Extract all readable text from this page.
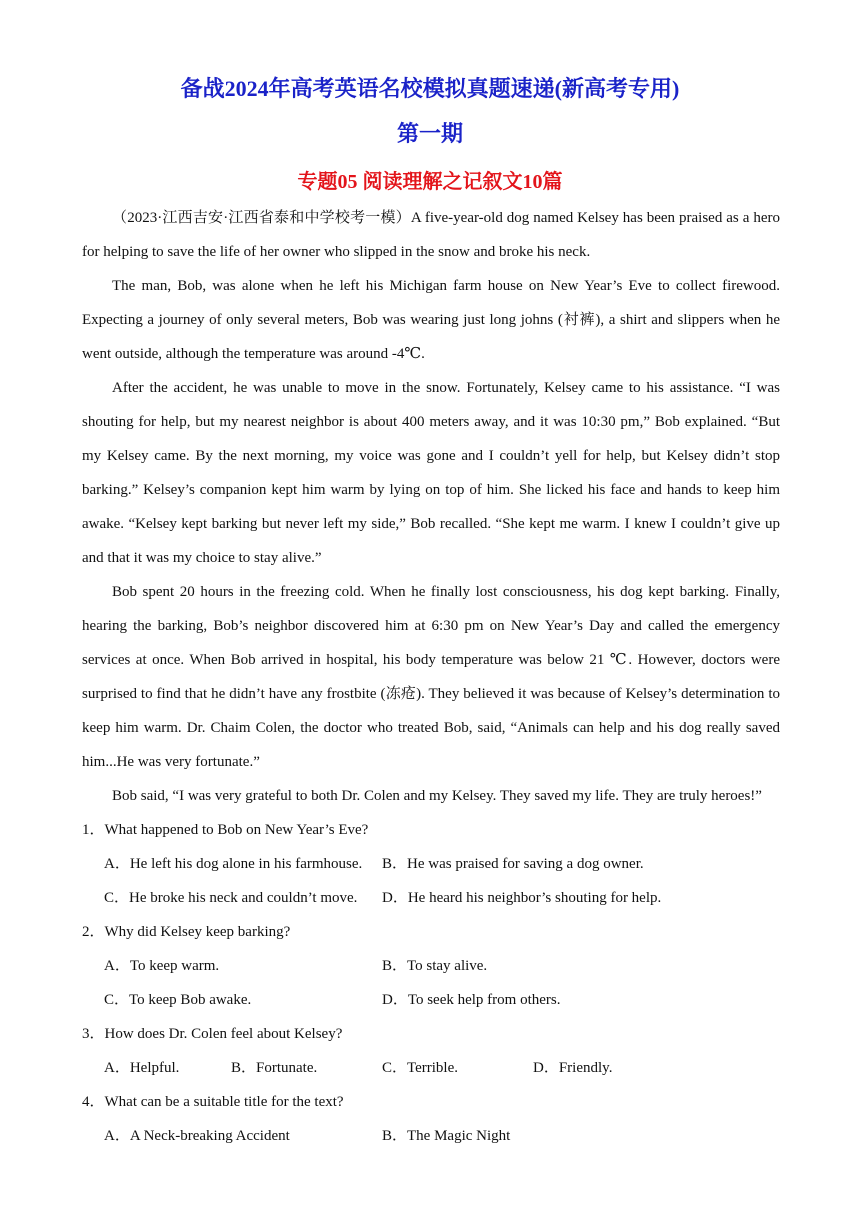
备战2024年高考英语名校模拟真题速递(新高考专用)
第一期
专题05 阅读理解之记叙文10篇

（2023·江西吉安·江西省泰和中学校考一模）A five-year-old dog named Kelsey has been praised as a hero for helping to save the life of her owner who slipped in the snow and broke his neck.

The man, Bob, was alone when he left his Michigan farm house on New Year’s Eve to collect firewood. Expecting a journey of only several meters, Bob was wearing just long johns (衬裤), a shirt and slippers when he went outside, although the temperature was around -4℃.

After the accident, he was unable to move in the snow. Fortunately, Kelsey came to his assistance. “I was shouting for help, but my nearest neighbor is about 400 meters away, and it was 10:30 pm,” Bob explained. “But my Kelsey came. By the next morning, my voice was gone and I couldn’t yell for help, but Kelsey didn’t stop barking.” Kelsey’s companion kept him warm by lying on top of him. She licked his face and hands to keep him awake. “Kelsey kept barking but never left my side,” Bob recalled. “She kept me warm. I knew I couldn’t give up and that it was my choice to stay alive.”

Bob spent 20 hours in the freezing cold. When he finally lost consciousness, his dog kept barking. Finally, hearing the barking, Bob’s neighbor discovered him at 6:30 pm on New Year’s Day and called the emergency services at once. When Bob arrived in hospital, his body temperature was below 21 ℃. However, doctors were surprised to find that he didn’t have any frostbite (冻疮). They believed it was because of Kelsey’s determination to keep him warm. Dr. Chaim Colen, the doctor who treated Bob, said, “Animals can help and his dog really saved him...He was very fortunate.”

Bob said, “I was very grateful to both Dr. Colen and my Kelsey. They saved my life. They are truly heroes!”

1．What happened to Bob on New Year’s Eve?

A．He left his dog alone in his farmhouse. B．He was praised for saving a dog owner.
C．He broke his neck and couldn’t move. D．He heard his neighbor’s shouting for help.

2．Why did Kelsey keep barking?

A．To keep warm.	B．To stay alive.
C．To keep Bob awake.	D．To seek help from others.

3．How does Dr. Colen feel about Kelsey?

A．Helpful.	B．Fortunate.	C．Terrible.	D．Friendly.

4．What can be a suitable title for the text?

A．A Neck-breaking Accident	B．The Magic Night
